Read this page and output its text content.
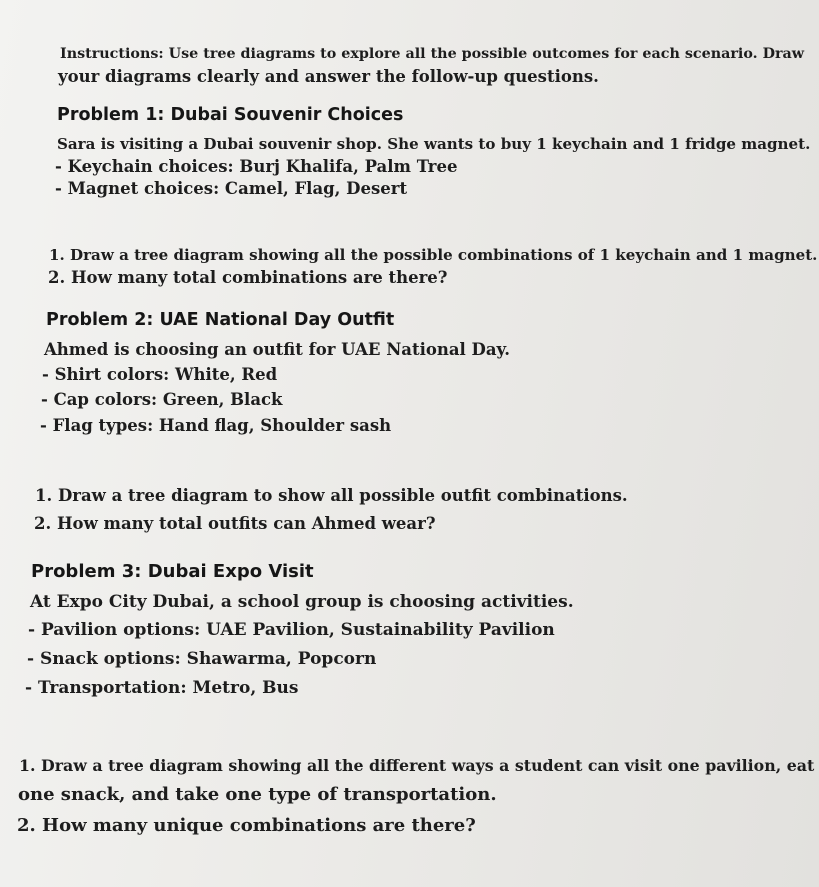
Instructions: Use tree diagrams to explore all the possible outcomes for each scenario. Draw
your diagrams clearly and answer the follow-up questions.
Problem 1: Dubai Souvenir Choices
Sara is visiting a Dubai souvenir shop. She wants to buy 1 keychain and 1 fridge magnet.
- Keychain choices: Burj Khalifa, Palm Tree
- Magnet choices: Camel, Flag, Desert
1. Draw a tree diagram showing all the possible combinations of 1 keychain and 1 magnet.
2. How many total combinations are there?
Problem 2: UAE National Day Outfit
Ahmed is choosing an outfit for UAE National Day.
- Shirt colors: White, Red
- Cap colors: Green, Black
- Flag types: Hand flag, Shoulder sash
1. Draw a tree diagram to show all possible outfit combinations.
2. How many total outfits can Ahmed wear?
Problem 3: Dubai Expo Visit
At Expo City Dubai, a school group is choosing activities.
- Pavilion options: UAE Pavilion, Sustainability Pavilion
- Snack options: Shawarma, Popcorn
- Transportation: Metro, Bus
1. Draw a tree diagram showing all the different ways a student can visit one pavilion, eat
one snack, and take one type of transportation.
2. How many unique combinations are there?
